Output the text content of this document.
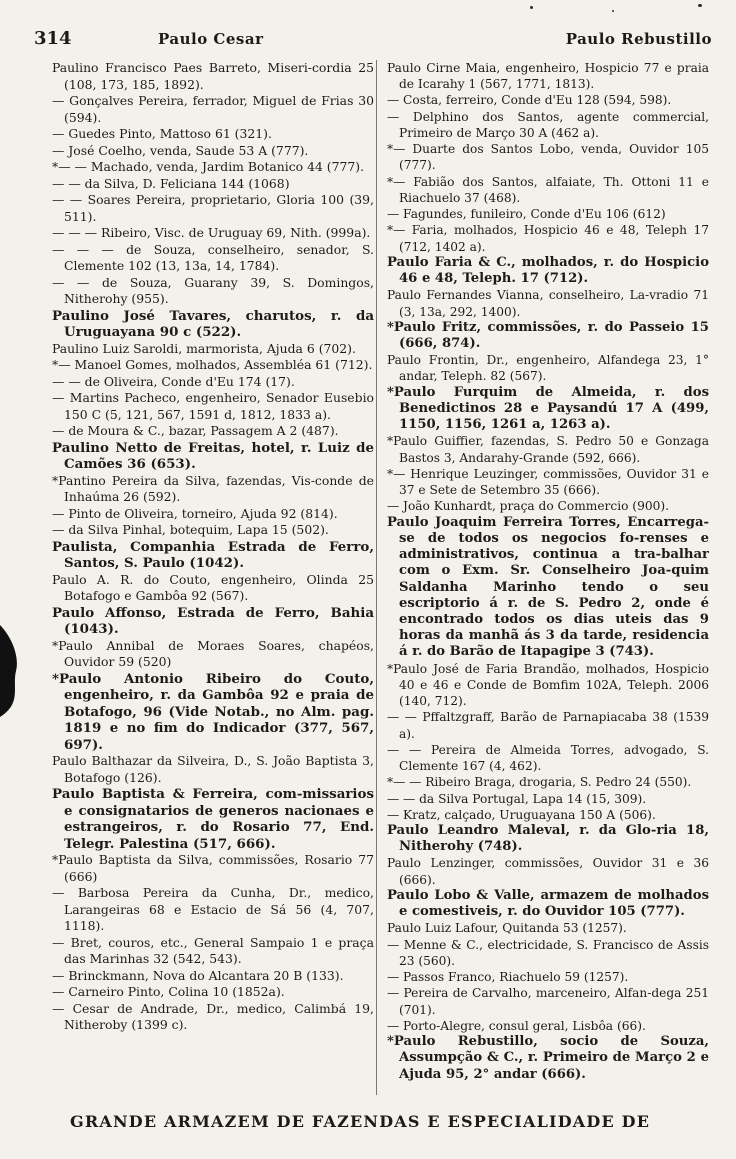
314	Paulo Cesar	Paulo Rebustillo

Paulino Francisco Paes Barreto, Miseri-cordia 25 (108, 173, 185, 1892).

— Gonçalves Pereira, ferrador, Miguel de Frias 30 (594).

— Guedes Pinto, Mattoso 61 (321).

— José Coelho, venda, Saude 53 A (777).

*— — Machado, venda, Jardim Botanico 44 (777).

— — da Silva, D. Feliciana 144 (1068)

— — Soares Pereira, proprietario, Gloria 100 (39, 511).

— — — Ribeiro, Visc. de Uruguay 69, Nith. (999a).

— — — de Souza, conselheiro, senador, S. Clemente 102 (13, 13a, 14, 1784).

— — de Souza, Guarany 39, S. Domingos, Nitherohy (955).

Paulino José Tavares, charutos, r. da Uruguayana 90 c (522).

Paulino Luiz Saroldi, marmorista, Ajuda 6 (702).

*— Manoel Gomes, molhados, Assembléa 61 (712).

— — de Oliveira, Conde d'Eu 174 (17).

— Martins Pacheco, engenheiro, Senador Eusebio 150 C (5, 121, 567, 1591 d, 1812, 1833 a).

— de Moura & C., bazar, Passagem A 2 (487).

Paulino Netto de Freitas, hotel, r. Luiz de Camões 36 (653).

*Pantino Pereira da Silva, fazendas, Vis-conde de Inhaúma 26 (592).

— Pinto de Oliveira, torneiro, Ajuda 92 (814).

— da Silva Pinhal, botequim, Lapa 15 (502).

Paulista, Companhia Estrada de Ferro, Santos, S. Paulo (1042).

Paulo A. R. do Couto, engenheiro, Olinda 25 Botafogo e Gambôa 92 (567).

Paulo Affonso, Estrada de Ferro, Bahia (1043).

*Paulo Annibal de Moraes Soares, chapéos, Ouvidor 59 (520)

*Paulo Antonio Ribeiro do Couto, engenheiro, r. da Gambôa 92 e praia de Botafogo, 96 (Vide Notab., no Alm. pag. 1819 e no fim do Indicador (377, 567, 697).

Paulo Balthazar da Silveira, D., S. João Baptista 3, Botafogo (126).

Paulo Baptista & Ferreira, com-missarios e consignatarios de generos nacionaes e estrangeiros, r. do Rosario 77, End. Telegr. Palestina (517, 666).

*Paulo Baptista da Silva, commissões, Rosario 77 (666)

— Barbosa Pereira da Cunha, Dr., medico, Larangeiras 68 e Estacio de Sá 56 (4, 707, 1118).

— Bret, couros, etc., General Sampaio 1 e praça das Marinhas 32 (542, 543).

— Brinckmann, Nova do Alcantara 20 B (133).

— Carneiro Pinto, Colina 10 (1852a).

— Cesar de Andrade, Dr., medico, Calimbá 19, Nitheroby (1399 c).

Paulo Cirne Maia, engenheiro, Hospicio 77 e praia de Icarahy 1 (567, 1771, 1813).

— Costa, ferreiro, Conde d'Eu 128 (594, 598).

— Delphino dos Santos, agente commercial, Primeiro de Março 30 A (462 a).

*— Duarte dos Santos Lobo, venda, Ouvidor 105 (777).

*— Fabião dos Santos, alfaiate, Th. Ottoni 11 e Riachuelo 37 (468).

— Fagundes, funileiro, Conde d'Eu 106 (612)

*— Faria, molhados, Hospicio 46 e 48, Teleph 17 (712, 1402 a).

Paulo Faria & C., molhados, r. do Hospicio 46 e 48, Teleph. 17 (712).

Paulo Fernandes Vianna, conselheiro, La-vradio 71 (3, 13a, 292, 1400).

*Paulo Fritz, commissões, r. do Passeio 15 (666, 874).

Paulo Frontin, Dr., engenheiro, Alfandega 23, 1° andar, Teleph. 82 (567).

*Paulo Furquim de Almeida, r. dos Benedictinos 28 e Paysandú 17 A (499, 1150, 1156, 1261 a, 1263 a).

*Paulo Guiffier, fazendas, S. Pedro 50 e Gonzaga Bastos 3, Andarahy-Grande (592, 666).

*— Henrique Leuzinger, commissões, Ouvidor 31 e 37 e Sete de Setembro 35 (666).

— João Kunhardt, praça do Commercio (900).

Paulo Joaquim Ferreira Torres, Encarrega-se de todos os negocios fo-renses e administrativos, continua a tra-balhar com o Exm. Sr. Conselheiro Joa-quim Saldanha Marinho tendo o seu escriptorio á r. de S. Pedro 2, onde é encontrado todos os dias uteis das 9 horas da manhã ás 3 da tarde, residencia á r. do Barão de Itapagipe 3 (743).

*Paulo José de Faria Brandão, molhados, Hospicio 40 e 46 e Conde de Bomfim 102A, Teleph. 2006 (140, 712).

— — Pffaltzgraff, Barão de Parnapiacaba 38 (1539 a).

— — Pereira de Almeida Torres, advogado, S. Clemente 167 (4, 462).

*— — Ribeiro Braga, drogaria, S. Pedro 24 (550).

— — da Silva Portugal, Lapa 14 (15, 309).

— Kratz, calçado, Uruguayana 150 A (506).

Paulo Leandro Maleval, r. da Glo-ria 18, Nitherohy (748).

Paulo Lenzinger, commissões, Ouvidor 31 e 36 (666).

Paulo Lobo & Valle, armazem de molhados e comestiveis, r. do Ouvidor 105 (777).

Paulo Luiz Lafour, Quitanda 53 (1257).

— Menne & C., electricidade, S. Francisco de Assis 23 (560).

— Passos Franco, Riachuelo 59 (1257).

— Pereira de Carvalho, marceneiro, Alfan-dega 251 (701).

— Porto-Alegre, consul geral, Lisbôa (66).

*Paulo Rebustillo, socio de Souza, Assumpção & C., r. Primeiro de Março 2 e Ajuda 95, 2° andar (666).

GRANDE ARMAZEM DE FAZENDAS E ESPECIALIDADE DE
